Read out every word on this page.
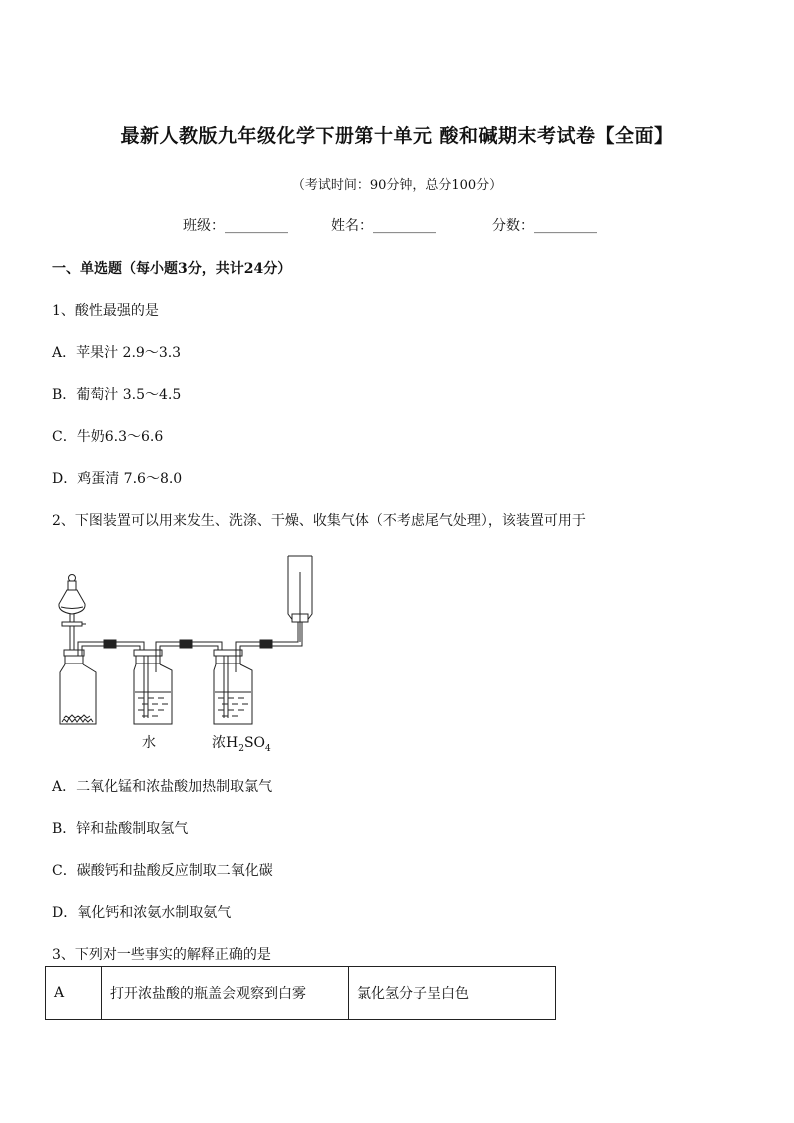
最新人教版九年级化学下册第十单元 酸和碱期末考试卷【全面】
（考试时间：90分钟，总分100分）
班级：_________	姓名：_________	分数：_________
一、单选题（每小题3分，共计24分）
1、酸性最强的是
A．苹果汁 2.9～3.3
B．葡萄汁 3.5～4.5
C．牛奶6.3～6.6
D．鸡蛋清 7.6～8.0
2、下图装置可以用来发生、洗涤、干燥、收集气体（不考虑尾气处理），该装置可用于
水	浓$H_2SO_4$
A．二氧化锰和浓盐酸加热制取氯气
B．锌和盐酸制取氢气
C．碳酸钙和盐酸反应制取二氧化碳
D．氧化钙和浓氨水制取氨气
3、下列对一些事实的解释正确的是
A	打开浓盐酸的瓶盖会观察到白雾	氯化氢分子呈白色
